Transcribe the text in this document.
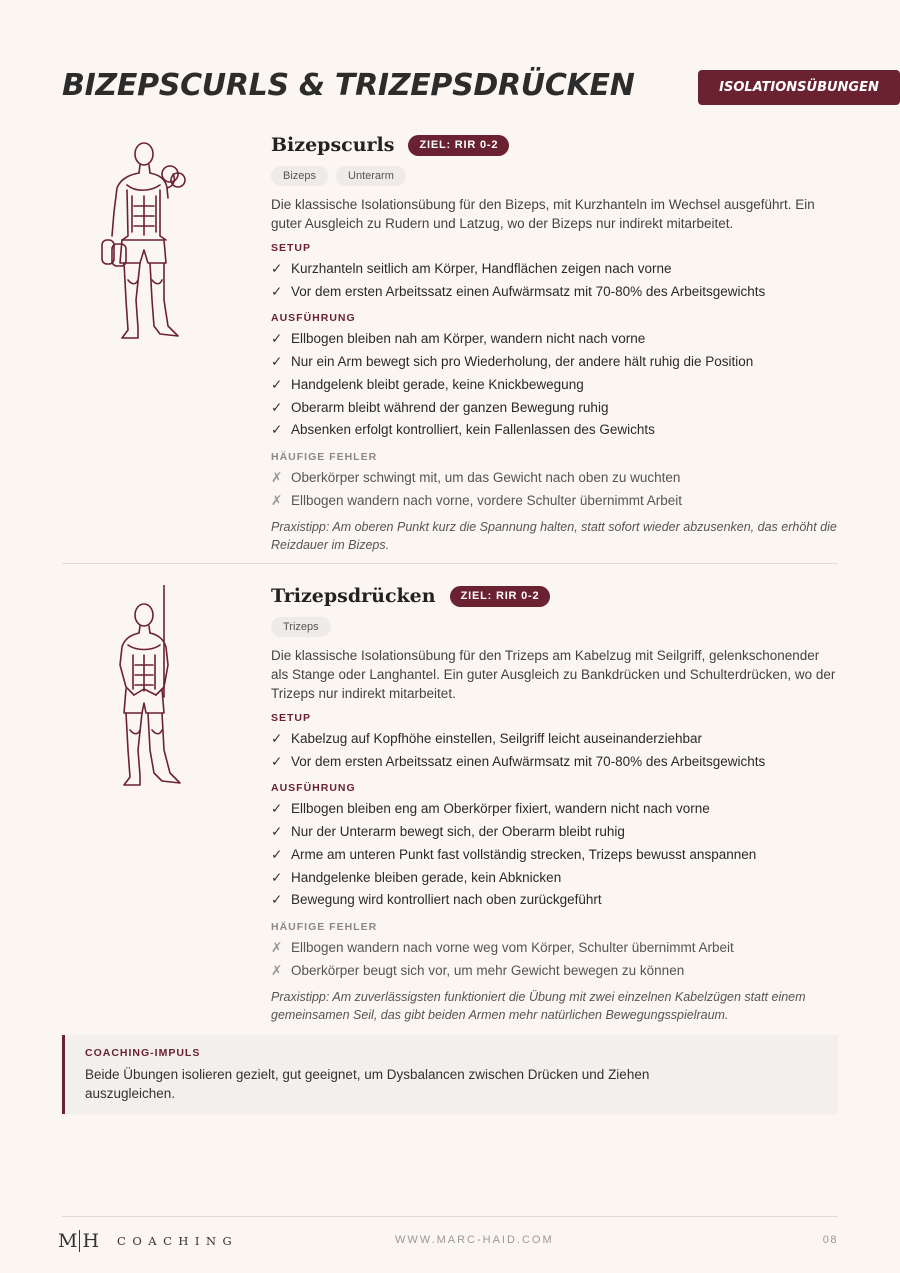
BIZEPSCURLS & TRIZEPSDRÜCKEN	ISOLATIONSÜBUNGEN
Bizepscurls	ZIEL: RIR 0-2
Bizeps	Unterarm

Die klassische Isolationsübung für den Bizeps, mit Kurzhanteln im Wechsel ausgeführt. Ein guter Ausgleich zu Rudern und Latzug, wo der Bizeps nur indirekt mitarbeitet.

SETUP
✓ Kurzhanteln seitlich am Körper, Handflächen zeigen nach vorne
✓ Vor dem ersten Arbeitssatz einen Aufwärmsatz mit 70-80% des Arbeitsgewichts
AUSFÜHRUNG
✓ Ellbogen bleiben nah am Körper, wandern nicht nach vorne
✓ Nur ein Arm bewegt sich pro Wiederholung, der andere hält ruhig die Position
✓ Handgelenk bleibt gerade, keine Knickbewegung
✓ Oberarm bleibt während der ganzen Bewegung ruhig
✓ Absenken erfolgt kontrolliert, kein Fallenlassen des Gewichts
HÄUFIGE FEHLER
✗ Oberkörper schwingt mit, um das Gewicht nach oben zu wuchten
✗ Ellbogen wandern nach vorne, vordere Schulter übernimmt Arbeit
Praxistipp: Am oberen Punkt kurz die Spannung halten, statt sofort wieder abzusenken, das erhöht die Reizdauer im Bizeps.
Trizepsdrücken	ZIEL: RIR 0-2
Trizeps

Die klassische Isolationsübung für den Trizeps am Kabelzug mit Seilgriff, gelenkschonender als Stange oder Langhantel. Ein guter Ausgleich zu Bankdrücken und Schulterdrücken, wo der Trizeps nur indirekt mitarbeitet.

SETUP
✓ Kabelzug auf Kopfhöhe einstellen, Seilgriff leicht auseinanderziehbar
✓ Vor dem ersten Arbeitssatz einen Aufwärmsatz mit 70-80% des Arbeitsgewichts
AUSFÜHRUNG
✓ Ellbogen bleiben eng am Oberkörper fixiert, wandern nicht nach vorne
✓ Nur der Unterarm bewegt sich, der Oberarm bleibt ruhig
✓ Arme am unteren Punkt fast vollständig strecken, Trizeps bewusst anspannen
✓ Handgelenke bleiben gerade, kein Abknicken
✓ Bewegung wird kontrolliert nach oben zurückgeführt
HÄUFIGE FEHLER
✗ Ellbogen wandern nach vorne weg vom Körper, Schulter übernimmt Arbeit
✗ Oberkörper beugt sich vor, um mehr Gewicht bewegen zu können
Praxistipp: Am zuverlässigsten funktioniert die Übung mit zwei einzelnen Kabelzügen statt einem gemeinsamen Seil, das gibt beiden Armen mehr natürlichen Bewegungsspielraum.
COACHING-IMPULS
Beide Übungen isolieren gezielt, gut geeignet, um Dysbalancen zwischen Drücken und Ziehen auszugleichen.
M H COACHING	WWW.MARC-HAID.COM	08
